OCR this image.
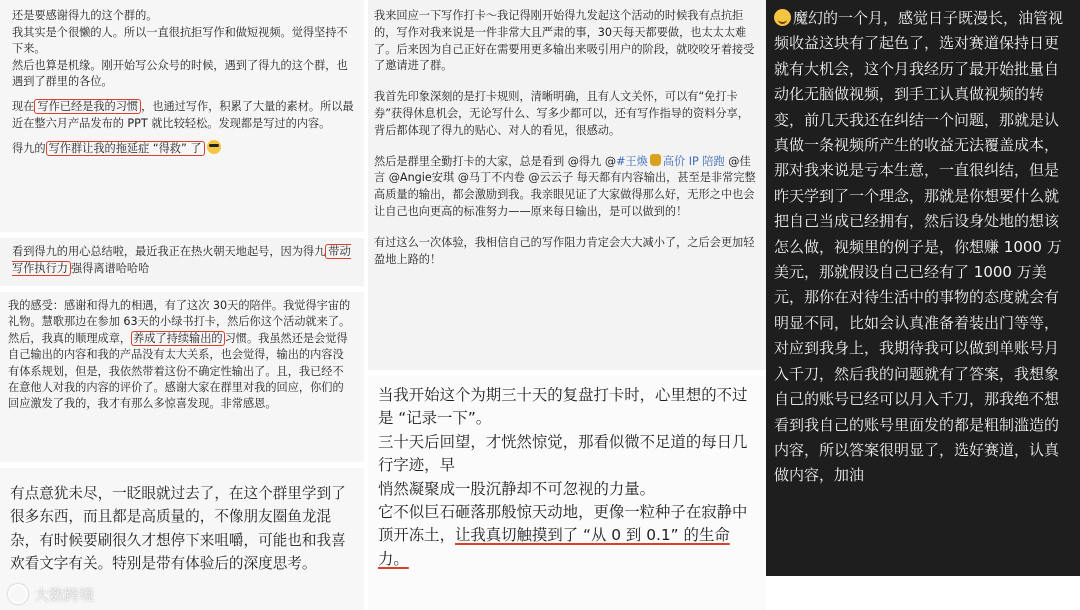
还是要感谢得九的这个群的。
我其实是个很懒的人。所以一直很抗拒写作和做短视频。觉得坚持不下来。
然后也算是机缘。刚开始写公众号的时候，遇到了得九的这个群，也遇到了群里的各位。
现在 写作已经是我的习惯 ，也通过写作，积累了大量的素材。所以最近在整六月产品发布的 PPT 就比较轻松。发现都是写过的内容。
得九的 写作群让我的拖延症 “得救” 了
看到得九的用心总结啦，最近我正在热火朝天地起号，因为得九 带动写作执行力 强得离谱哈哈哈
我的感受：感谢和得九的相遇，有了这次 30天的陪伴。我觉得宇宙的礼物。慧歌那边在参加 63天的小绿书打卡，然后你这个活动就来了。然后，我真的顺理成章， 养成了持续输出的 习惯。我虽然还是会觉得自己输出的内容和我的产品没有太大关系，也会觉得，输出的内容没有体系规划，但是，我依然带着这份不确定性输出了。且，我已经不在意他人对我的内容的评价了。感谢大家在群里对我的回应，你们的回应激发了我的，我才有那么多惊喜发现。非常感恩。
有点意犹未尽，一眨眼就过去了，在这个群里学到了很多东西，而且都是高质量的，不像朋友圈鱼龙混杂，有时候要刷很久才想停下来咀嚼，可能也和我喜欢看文字有关。特别是带有体验后的深度思考。
我来回应一下写作打卡～我记得刚开始得九发起这个活动的时候我有点抗拒的，写作对我来说是一件非常大且严肃的事，30天每天都要做，也太太太难了。后来因为自己正好在需要用更多输出来吸引用户的阶段，就咬咬牙着接受了邀请进了群。
我首先印象深刻的是打卡规则，清晰明确，且有人文关怀，可以有“免打卡券”获得休息机会，无论写什么、写多少都可以，还有写作指导的资料分享，背后都体现了得九的贴心、对人的看见，很感动。
然后是群里全勤打卡的大家，总是看到 @得九 @#王煥 高价 IP 陪跑 @佳言 @Angie安琪 @马丁不内卷 @云云子 每天都有内容输出，甚至是非常完整高质量的输出，都会激励到我。我亲眼见证了大家做得那么好，无形之中也会让自己也向更高的标准努力——原来每日输出，是可以做到的！
有过这么一次体验，我相信自己的写作阻力肯定会大大减小了，之后会更加轻盈地上路的！
当我开始这个为期三十天的复盘打卡时，心里想的不过是 “记录一下”。
三十天后回望，才恍然惊觉，那看似微不足道的每日几行字迹，早
悄然凝聚成一股沉静却不可忽视的力量。
它不似巨石砸落那般惊天动地，更像一粒种子在寂静中顶开冻土，让我真切触摸到了 “从 0 到 0.1” 的生命力。
魔幻的一个月，感觉日子既漫长，油管视频收益这块有了起色了，选对赛道保持日更就有大机会，这个月我经历了最开始批量自动化无脑做视频，到手工认真做视频的转变，前几天我还在纠结一个问题，那就是认真做一条视频所产生的收益无法覆盖成本，那对我来说是亏本生意，一直很纠结，但是昨天学到了一个理念，那就是你想要什么就把自己当成已经拥有，然后设身处地的想该怎么做，视频里的例子是，你想赚 1000 万美元，那就假设自己已经有了 1000 万美元，那你在对待生活中的事物的态度就会有明显不同，比如会认真准备着装出门等等，对应到我身上，我期待我可以做到单账号月入千刀，然后我的问题就有了答案，我想象自己的账号已经可以月入千刀，那我绝不想看到我自己的账号里面发的都是粗制滥造的内容，所以答案很明显了，选好赛道，认真做内容，加油
大数跨境
